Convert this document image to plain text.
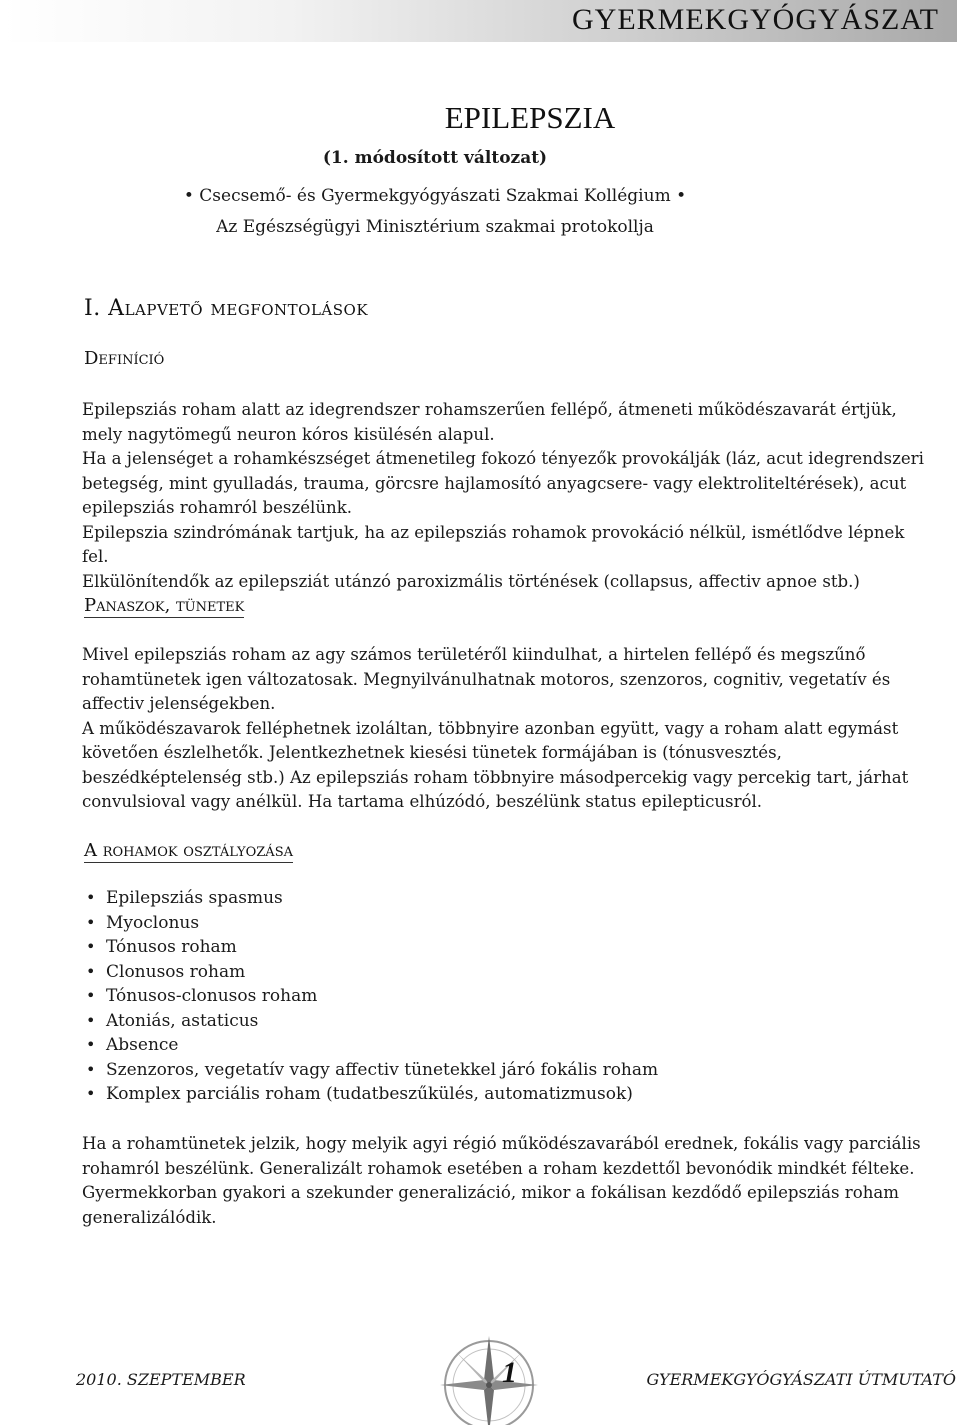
GYERMEKGYÓGYÁSZAT
EPILEPSZIA
(1. módosított változat)
• Csecsemő- és Gyermekgyógyászati Szakmai Kollégium •
Az Egészségügyi Minisztérium szakmai protokollja
I. Alapvető megfontolások
Definíció

Epilepsziás roham alatt az idegrendszer rohamszerűen fellépő, átmeneti működészavarát értjük, mely nagytömegű neuron kóros kisülésén alapul.

Ha a jelenséget a rohamkészséget átmenetileg fokozó tényezők provokálják (láz, acut idegrendszeri betegség, mint gyulladás, trauma, görcsre hajlamosító anyagcsere- vagy elektroliteltérések), acut epilepsziás rohamról beszélünk.

Epilepszia szindrómának tartjuk, ha az epilepsziás rohamok provokáció nélkül, ismétlődve lépnek fel.

Elkülönítendők az epilepsziát utánzó paroxizmális történések (collapsus, affectiv apnoe stb.)

Panaszok, tünetek

Mivel epilepsziás roham az agy számos területéről kiindulhat, a hirtelen fellépő és megszűnő rohamtünetek igen változatosak. Megnyilvánulhatnak motoros, szenzoros, cognitiv, vegetatív és affectiv jelenségekben.

A működészavarok felléphetnek izoláltan, többnyire azonban együtt, vagy a roham alatt egymást követően észlelhetők. Jelentkezhetnek kiesési tünetek formájában is (tónusvesztés, beszédképtelenség stb.) Az epilepsziás roham többnyire másodpercekig vagy percekig tart, járhat convulsioval vagy anélkül. Ha tartama elhúzódó, beszélünk status epilepticusról.

A rohamok osztályozása
• Epilepsziás spasmus
• Myoclonus
• Tónusos roham
• Clonusos roham
• Tónusos-clonusos roham
• Atoniás, astaticus
• Absence
• Szenzoros, vegetatív vagy affectiv tünetekkel járó fokális roham
• Komplex parciális roham (tudatbeszűkülés, automatizmusok)

Ha a rohamtünetek jelzik, hogy melyik agyi régió működészavarából erednek, fokális vagy parciális rohamról beszélünk. Generalizált rohamok esetében a roham kezdettől bevonódik mindkét félteke. Gyermekkorban gyakori a szekunder generalizáció, mikor a fokálisan kezdődő epilepsziás roham generalizálódik.

2010. SZEPTEMBER	1	GYERMEKGYÓGYÁSZATI ÚTMUTATÓ
